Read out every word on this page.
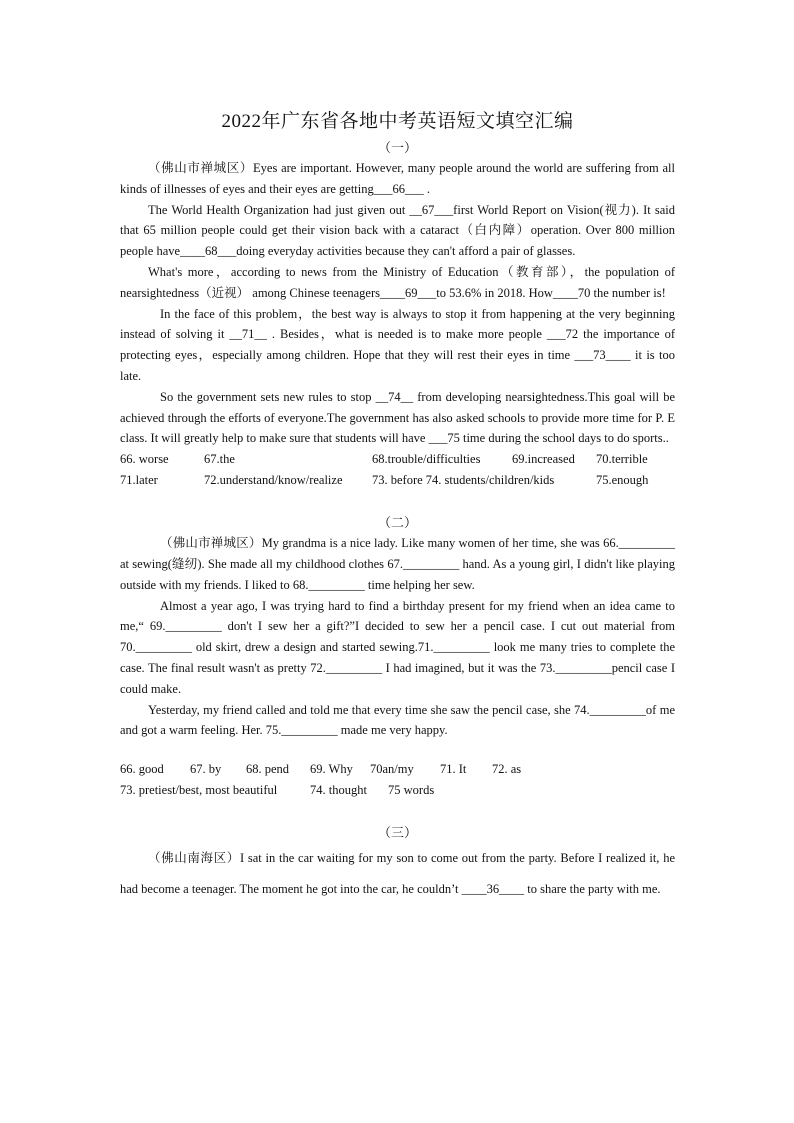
2022年广东省各地中考英语短文填空汇编
（一）

（佛山市禅城区）Eyes are important. However, many people around the world are suffering from all kinds of illnesses of eyes and their eyes are getting___66___ .

The World Health Organization had just given out __67___first World Report on Vision(视力). It said that 65 million people could get their vision back with a cataract（白内障）operation. Over 800 million people have____68___doing everyday activities because they can't afford a pair of glasses.

What's more，according to news from the Ministry of Education（教育部），the population of nearsightedness（近视） among Chinese teenagers____69___to 53.6% in 2018. How____70 the number is!

In the face of this problem，the best way is always to stop it from happening at the very beginning instead of solving it __71__ . Besides，what is needed is to make more people ___72 the importance of protecting eyes，especially among children. Hope that they will rest their eyes in time ___73____ it is too late.

So the government sets new rules to stop __74__ from developing nearsightedness.This goal will be achieved through the efforts of everyone.The government has also asked schools to provide more time for P. E class. It will greatly help to make sure that students will have ___75 time during the school days to do sports..

66. worse	67.the	68.trouble/difficulties	69.increased	70.terrible
71.later	72.understand/know/realize	73. before 74. students/children/kids	75.enough
（二）

（佛山市禅城区）My grandma is a nice lady. Like many women of her time, she was 66._________ at sewing(缝纫). She made all my childhood clothes 67._________ hand. As a young girl, I didn't like playing outside with my friends. I liked to 68._________ time helping her sew.

Almost a year ago, I was trying hard to find a birthday present for my friend when an idea came to me,“ 69._________ don't I sew her a gift?”I decided to sew her a pencil case. I cut out material from 70._________ old skirt, drew a design and started sewing.71._________ look me many tries to complete the case. The final result wasn't as pretty 72._________ I had imagined, but it was the 73._________pencil case I could make.

Yesterday, my friend called and told me that every time she saw the pencil case, she 74._________of me and got a warm feeling. Her. 75._________ made me very happy.

66. good	67. by	68. pend	69. Why	70an/my	71. It	72. as
73. pretiest/best, most beautiful	74. thought	75 words
（三）

（佛山南海区）I sat in the car waiting for my son to come out from the party. Before I realized it, he had become a teenager. The moment he got into the car, he couldn’t ____36____ to share the party with me.
